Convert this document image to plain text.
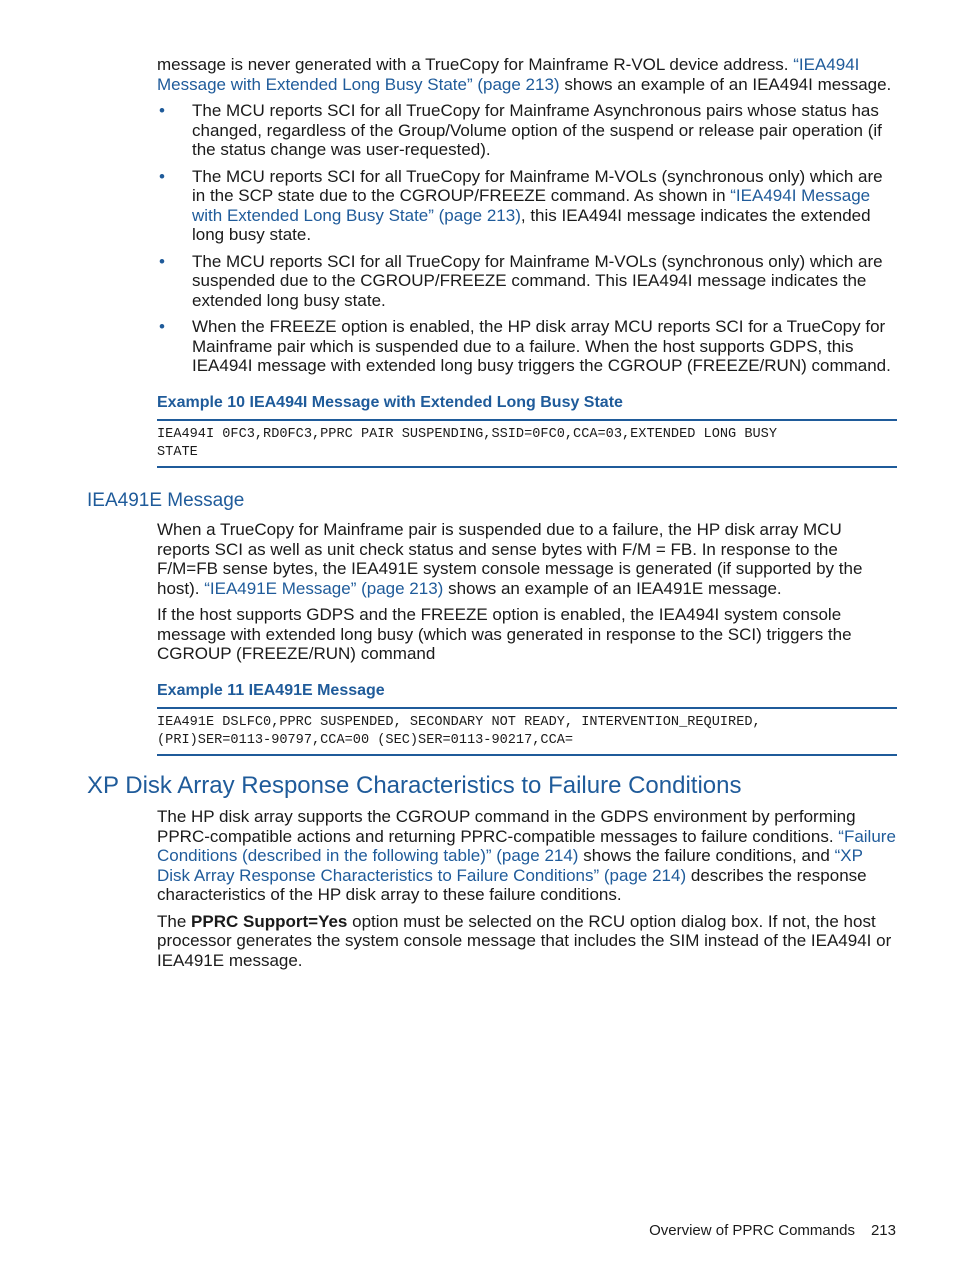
message is never generated with a TrueCopy for Mainframe R-VOL device address. “IEA494I Message with Extended Long Busy State” (page 213) shows an example of an IEA494I message.

• The MCU reports SCI for all TrueCopy for Mainframe Asynchronous pairs whose status has changed, regardless of the Group/Volume option of the suspend or release pair operation (if the status change was user-requested).
• The MCU reports SCI for all TrueCopy for Mainframe M-VOLs (synchronous only) which are in the SCP state due to the CGROUP/FREEZE command. As shown in “IEA494I Message with Extended Long Busy State” (page 213), this IEA494I message indicates the extended long busy state.
• The MCU reports SCI for all TrueCopy for Mainframe M-VOLs (synchronous only) which are suspended due to the CGROUP/FREEZE command. This IEA494I message indicates the extended long busy state.
• When the FREEZE option is enabled, the HP disk array MCU reports SCI for a TrueCopy for Mainframe pair which is suspended due to a failure. When the host supports GDPS, this IEA494I message with extended long busy triggers the CGROUP (FREEZE/RUN) command.
Example 10 IEA494I Message with Extended Long Busy State
IEA494I 0FC3,RD0FC3,PPRC PAIR SUSPENDING,SSID=0FC0,CCA=03,EXTENDED LONG BUSY
STATE
IEA491E Message

When a TrueCopy for Mainframe pair is suspended due to a failure, the HP disk array MCU reports SCI as well as unit check status and sense bytes with F/M = FB. In response to the F/M=FB sense bytes, the IEA491E system console message is generated (if supported by the host). “IEA491E Message” (page 213) shows an example of an IEA491E message.

If the host supports GDPS and the FREEZE option is enabled, the IEA494I system console message with extended long busy (which was generated in response to the SCI) triggers the CGROUP (FREEZE/RUN) command

Example 11 IEA491E Message
IEA491E DSLFC0,PPRC SUSPENDED, SECONDARY NOT READY, INTERVENTION_REQUIRED,
(PRI)SER=0113-90797,CCA=00 (SEC)SER=0113-90217,CCA=
XP Disk Array Response Characteristics to Failure Conditions

The HP disk array supports the CGROUP command in the GDPS environment by performing PPRC-compatible actions and returning PPRC-compatible messages to failure conditions. “Failure Conditions (described in the following table)” (page 214) shows the failure conditions, and “XP Disk Array Response Characteristics to Failure Conditions” (page 214) describes the response characteristics of the HP disk array to these failure conditions.

The PPRC Support=Yes option must be selected on the RCU option dialog box. If not, the host processor generates the system console message that includes the SIM instead of the IEA494I or IEA491E message.

Overview of PPRC Commands 213
